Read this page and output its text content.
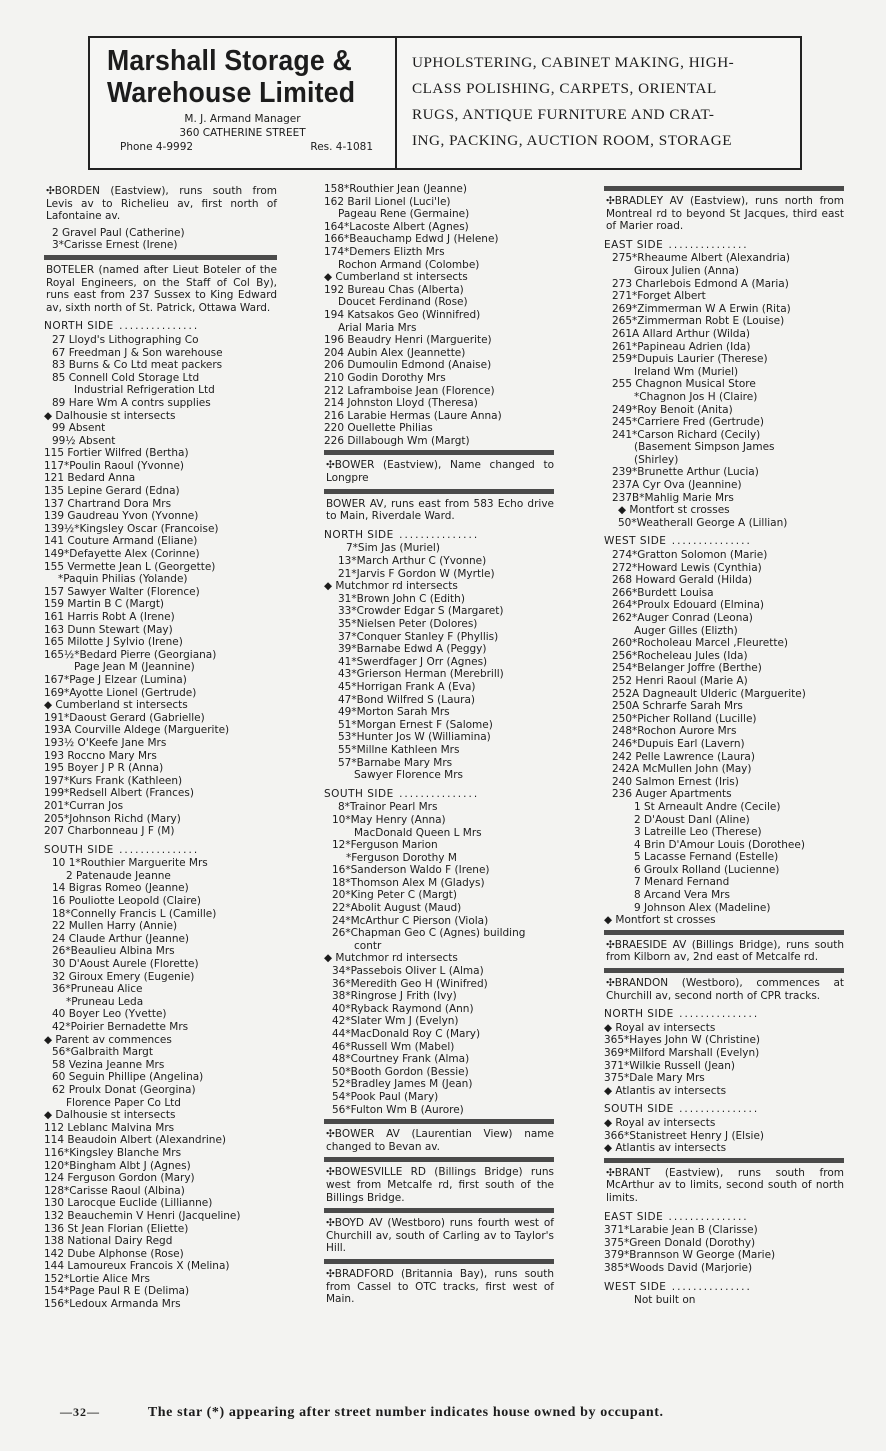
Marshall Storage &
Warehouse Limited
M. J. Armand Manager
360 CATHERINE STREET
Phone 4-9992	Res. 4-1081
UPHOLSTERING, CABINET MAKING, HIGH-
CLASS POLISHING, CARPETS, ORIENTAL
RUGS, ANTIQUE FURNITURE AND CRAT-
ING, PACKING, AUCTION ROOM, STORAGE
✣BORDEN (Eastview), runs south from Levis av to Richelieu av, first north of Lafontaine av.
2 Gravel Paul (Catherine)
3*Carisse Ernest (Irene)
BOTELER (named after Lieut Boteler of the Royal Engineers, on the Staff of Col By), runs east from 237 Sussex to King Edward av, sixth north of St. Patrick, Ottawa Ward.
NORTH SIDE ...............
27 Lloyd's Lithographing Co
67 Freedman J & Son warehouse
83 Burns & Co Ltd meat packers
85 Connell Cold Storage Ltd
Industrial Refrigeration Ltd
89 Hare Wm A contrs supplies
◆ Dalhousie st intersects
99 Absent
99½ Absent
115 Fortier Wilfred (Bertha)
117*Poulin Raoul (Yvonne)
121 Bedard Anna
135 Lepine Gerard (Edna)
137 Chartrand Dora Mrs
139 Gaudreau Yvon (Yvonne)
139½*Kingsley Oscar (Francoise)
141 Couture Armand (Eliane)
149*Defayette Alex (Corinne)
155 Vermette Jean L (Georgette)
*Paquin Philias (Yolande)
157 Sawyer Walter (Florence)
159 Martin B C (Margt)
161 Harris Robt A (Irene)
163 Dunn Stewart (May)
165 Milotte J Sylvio (Irene)
165½*Bedard Pierre (Georgiana)
Page Jean M (Jeannine)
167*Page J Elzear (Lumina)
169*Ayotte Lionel (Gertrude)
◆ Cumberland st intersects
191*Daoust Gerard (Gabrielle)
193A Courville Aldege (Marguerite)
193½ O'Keefe Jane Mrs
193 Roccno Mary Mrs
195 Boyer J P R (Anna)
197*Kurs Frank (Kathleen)
199*Redsell Albert (Frances)
201*Curran Jos
205*Johnson Richd (Mary)
207 Charbonneau J F (M)
SOUTH SIDE ...............
10 1*Routhier Marguerite Mrs
2 Patenaude Jeanne
14 Bigras Romeo (Jeanne)
16 Pouliotte Leopold (Claire)
18*Connelly Francis L (Camille)
22 Mullen Harry (Annie)
24 Claude Arthur (Jeanne)
26*Beaulieu Albina Mrs
30 D'Aoust Aurele (Florette)
32 Giroux Emery (Eugenie)
36*Pruneau Alice
*Pruneau Leda
40 Boyer Leo (Yvette)
42*Poirier Bernadette Mrs
◆ Parent av commences
56*Galbraith Margt
58 Vezina Jeanne Mrs
60 Seguin Phillipe (Angelina)
62 Proulx Donat (Georgina)
Florence Paper Co Ltd
◆ Dalhousie st intersects
112 Leblanc Malvina Mrs
114 Beaudoin Albert (Alexandrine)
116*Kingsley Blanche Mrs
120*Bingham Albt J (Agnes)
124 Ferguson Gordon (Mary)
128*Carisse Raoul (Albina)
130 Larocque Euclide (Lillianne)
132 Beauchemin V Henri (Jacqueline)
136 St Jean Florian (Eliette)
138 National Dairy Regd
142 Dube Alphonse (Rose)
144 Lamoureux Francois X (Melina)
152*Lortie Alice Mrs
154*Page Paul R E (Delima)
156*Ledoux Armanda Mrs
158*Routhier Jean (Jeanne)
162 Baril Lionel (Luci'le)
Pageau Rene (Germaine)
164*Lacoste Albert (Agnes)
166*Beauchamp Edwd J (Helene)
174*Demers Elizth Mrs
Rochon Armand (Colombe)
◆ Cumberland st intersects
192 Bureau Chas (Alberta)
Doucet Ferdinand (Rose)
194 Katsakos Geo (Winnifred)
Arial Maria Mrs
196 Beaudry Henri (Marguerite)
204 Aubin Alex (Jeannette)
206 Dumoulin Edmond (Anaise)
210 Godin Dorothy Mrs
212 Laframboise Jean (Florence)
214 Johnston Lloyd (Theresa)
216 Larabie Hermas (Laure Anna)
220 Ouellette Philias
226 Dillabough Wm (Margt)
✣BOWER (Eastview), Name changed to Longpre
BOWER AV, runs east from 583 Echo drive to Main, Riverdale Ward.
NORTH SIDE ...............
7*Sim Jas (Muriel)
13*March Arthur C (Yvonne)
21*Jarvis F Gordon W (Myrtle)
◆ Mutchmor rd intersects
31*Brown John C (Edith)
33*Crowder Edgar S (Margaret)
35*Nielsen Peter (Dolores)
37*Conquer Stanley F (Phyllis)
39*Barnabe Edwd A (Peggy)
41*Swerdfager J Orr (Agnes)
43*Grierson Herman (Merebrill)
45*Horrigan Frank A (Eva)
47*Bond Wilfred S (Laura)
49*Morton Sarah Mrs
51*Morgan Ernest F (Salome)
53*Hunter Jos W (Williamina)
55*Millne Kathleen Mrs
57*Barnabe Mary Mrs
Sawyer Florence Mrs
SOUTH SIDE ...............
8*Trainor Pearl Mrs
10*May Henry (Anna)
MacDonald Queen L Mrs
12*Ferguson Marion
*Ferguson Dorothy M
16*Sanderson Waldo F (Irene)
18*Thomson Alex M (Gladys)
20*King Peter C (Margt)
22*Abolit August (Maud)
24*McArthur C Pierson (Viola)
26*Chapman Geo C (Agnes) building
contr
◆ Mutchmor rd intersects
34*Passebois Oliver L (Alma)
36*Meredith Geo H (Winifred)
38*Ringrose J Frith (Ivy)
40*Ryback Raymond (Ann)
42*Slater Wm J (Evelyn)
44*MacDonald Roy C (Mary)
46*Russell Wm (Mabel)
48*Courtney Frank (Alma)
50*Booth Gordon (Bessie)
52*Bradley James M (Jean)
54*Pook Paul (Mary)
56*Fulton Wm B (Aurore)
✣BOWER AV (Laurentian View) name changed to Bevan av.
✣BOWESVILLE RD (Billings Bridge) runs west from Metcalfe rd, first south of the Billings Bridge.
✣BOYD AV (Westboro) runs fourth west of Churchill av, south of Carling av to Taylor's Hill.
✣BRADFORD (Britannia Bay), runs south from Cassel to OTC tracks, first west of Main.
✣BRADLEY AV (Eastview), runs north from Montreal rd to beyond St Jacques, third east of Marier road.
EAST SIDE ...............
275*Rheaume Albert (Alexandria)
Giroux Julien (Anna)
273 Charlebois Edmond A (Maria)
271*Forget Albert
269*Zimmerman W A Erwin (Rita)
265*Zimmerman Robt E (Louise)
261A Allard Arthur (Wilda)
261*Papineau Adrien (Ida)
259*Dupuis Laurier (Therese)
Ireland Wm (Muriel)
255 Chagnon Musical Store
*Chagnon Jos H (Claire)
249*Roy Benoit (Anita)
245*Carriere Fred (Gertrude)
241*Carson Richard (Cecily)
(Basement Simpson James
(Shirley)
239*Brunette Arthur (Lucia)
237A Cyr Ova (Jeannine)
237B*Mahlig Marie Mrs
◆ Montfort st crosses
50*Weatherall George A (Lillian)
WEST SIDE ...............
274*Gratton Solomon (Marie)
272*Howard Lewis (Cynthia)
268 Howard Gerald (Hilda)
266*Burdett Louisa
264*Proulx Edouard (Elmina)
262*Auger Conrad (Leona)
Auger Gilles (Elizth)
260*Rocholeau Marcel ,Fleurette)
256*Rocheleau Jules (Ida)
254*Belanger Joffre (Berthe)
252 Henri Raoul (Marie A)
252A Dagneault Ulderic (Marguerite)
250A Schrarfe Sarah Mrs
250*Picher Rolland (Lucille)
248*Rochon Aurore Mrs
246*Dupuis Earl (Lavern)
242 Pelle Lawrence (Laura)
242A McMullen John (May)
240 Salmon Ernest (Iris)
236 Auger Apartments
1 St Arneault Andre (Cecile)
2 D'Aoust Danl (Aline)
3 Latreille Leo (Therese)
4 Brin D'Amour Louis (Dorothee)
5 Lacasse Fernand (Estelle)
6 Groulx Rolland (Lucienne)
7 Menard Fernand
8 Arcand Vera Mrs
9 Johnson Alex (Madeline)
◆ Montfort st crosses
✣BRAESIDE AV (Billings Bridge), runs south from Kilborn av, 2nd east of Metcalfe rd.
✣BRANDON (Westboro), commences at Churchill av, second north of CPR tracks.
NORTH SIDE ...............
◆ Royal av intersects
365*Hayes John W (Christine)
369*Milford Marshall (Evelyn)
371*Wilkie Russell (Jean)
375*Dale Mary Mrs
◆ Atlantis av intersects
SOUTH SIDE ...............
◆ Royal av intersects
366*Stanistreet Henry J (Elsie)
◆ Atlantis av intersects
✣BRANT (Eastview), runs south from McArthur av to limits, second south of north limits.
EAST SIDE ...............
371*Larabie Jean B (Clarisse)
375*Green Donald (Dorothy)
379*Brannson W George (Marie)
385*Woods David (Marjorie)
WEST SIDE ...............
Not built on
—32—	The star (*) appearing after street number indicates house owned by occupant.
